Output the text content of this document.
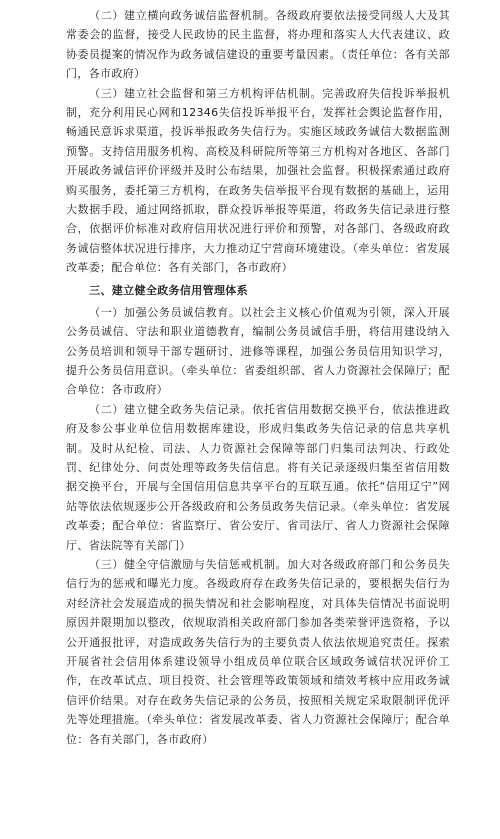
（二）建立横向政务诚信监督机制。各级政府要依法接受同级人大及其常委会的监督，接受人民政协的民主监督，将办理和落实人大代表建议、政协委员提案的情况作为政务诚信建设的重要考量因素。（责任单位：各有关部门，各市政府）

（三）建立社会监督和第三方机构评估机制。完善政府失信投诉举报机制，充分利用民心网和12346失信投诉举报平台，发挥社会舆论监督作用，畅通民意诉求渠道，投诉举报政务失信行为。实施区域政务诚信大数据监测预警。支持信用服务机构、高校及科研院所等第三方机构对各地区、各部门开展政务诚信评价评级并及时公布结果，加强社会监督。积极探索通过政府购买服务，委托第三方机构，在政务失信举报平台现有数据的基础上，运用大数据手段，通过网络抓取，群众投诉举报等渠道，将政务失信记录进行整合，依据评价标准对政府信用状况进行评价和预警，对各部门、各级政府政务诚信整体状况进行排序，大力推动辽宁营商环境建设。（牵头单位：省发展改革委；配合单位：各有关部门，各市政府）

三、建立健全政务信用管理体系

（一）加强公务员诚信教育。以社会主义核心价值观为引领，深入开展公务员诚信、守法和职业道德教育，编制公务员诚信手册，将信用建设纳入公务员培训和领导干部专题研讨、进修等课程，加强公务员信用知识学习，提升公务员信用意识。（牵头单位：省委组织部、省人力资源社会保障厅；配合单位：各市政府）

（二）建立健全政务失信记录。依托省信用数据交换平台，依法推进政府及参公事业单位信用数据库建设，形成归集政务失信记录的信息共享机制。及时从纪检、司法、人力资源社会保障等部门归集司法判决、行政处罚、纪律处分、问责处理等政务失信信息。将有关记录逐级归集至省信用数据交换平台，开展与全国信用信息共享平台的互联互通。依托“信用辽宁”网站等依法依规逐步公开各级政府和公务员政务失信记录。（牵头单位：省发展改革委；配合单位：省监察厅、省公安厅、省司法厅、省人力资源社会保障厅、省法院等有关部门）

（三）健全守信激励与失信惩戒机制。加大对各级政府部门和公务员失信行为的惩戒和曝光力度。各级政府存在政务失信记录的，要根据失信行为对经济社会发展造成的损失情况和社会影响程度，对具体失信情况书面说明原因并限期加以整改，依规取消相关政府部门参加各类荣誉评选资格，予以公开通报批评，对造成政务失信行为的主要负责人依法依规追究责任。探索开展省社会信用体系建设领导小组成员单位联合区域政务诚信状况评价工作，在改革试点、项目投资、社会管理等政策领域和绩效考核中应用政务诚信评价结果。对存在政务失信记录的公务员，按照相关规定采取限制评优评先等处理措施。（牵头单位：省发展改革委、省人力资源社会保障厅；配合单位：各有关部门，各市政府）
